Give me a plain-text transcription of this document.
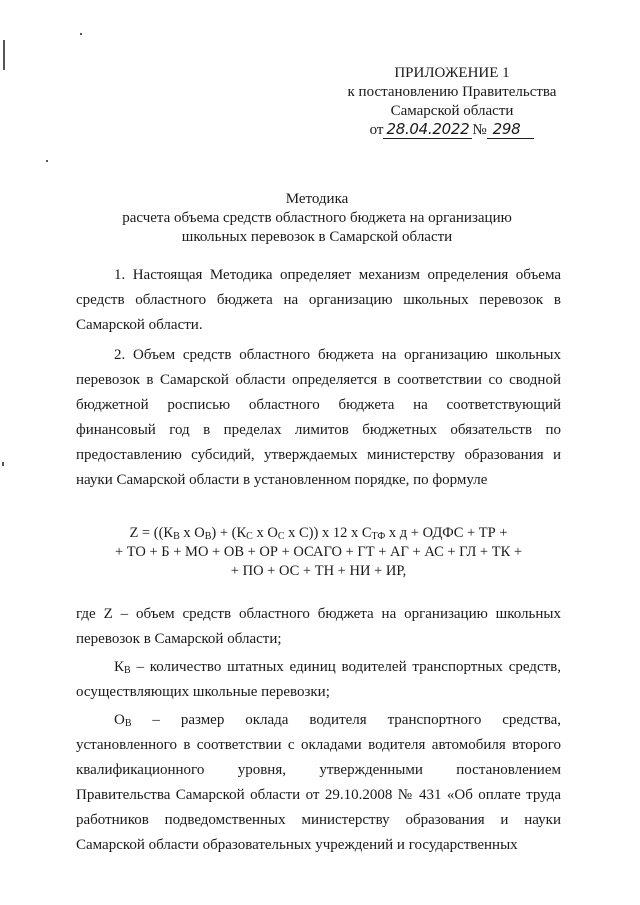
ПРИЛОЖЕНИЕ 1
к постановлению Правительства
Самарской области
от 28.04.2022 № 298
Методика
расчета объема средств областного бюджета на организацию
школьных перевозок в Самарской области
1. Настоящая Методика определяет механизм определения объема средств областного бюджета на организацию школьных перевозок в Самарской области.
2. Объем средств областного бюджета на организацию школьных перевозок в Самарской области определяется в соответствии со сводной бюджетной росписью областного бюджета на соответствующий финансовый год в пределах лимитов бюджетных обязательств по предоставлению субсидий, утверждаемых министерству образования и науки Самарской области в установленном порядке, по формуле
$Z = ((К_В$ x $О_В) + (К_С$ x $О_С$ x С)) x 12 x $С_{ТФ}$ x д + ОДФС + ТР +
+ ТО + Б + МО + ОВ + ОР + ОСАГО + ГТ + АГ + АС + ГЛ + ТК +
+ ПО + ОС + ТН + НИ + ИР,
где Z – объем средств областного бюджета на организацию школьных перевозок в Самарской области;
$К_В$ – количество штатных единиц водителей транспортных средств, осуществляющих школьные перевозки;
$О_В$ – размер оклада водителя транспортного средства, установленного в соответствии с окладами водителя автомобиля второго квалификационного уровня, утвержденными постановлением Правительства Самарской области от 29.10.2008 № 431 «Об оплате труда работников подведомственных министерству образования и науки Самарской области образовательных учреждений и государственных
